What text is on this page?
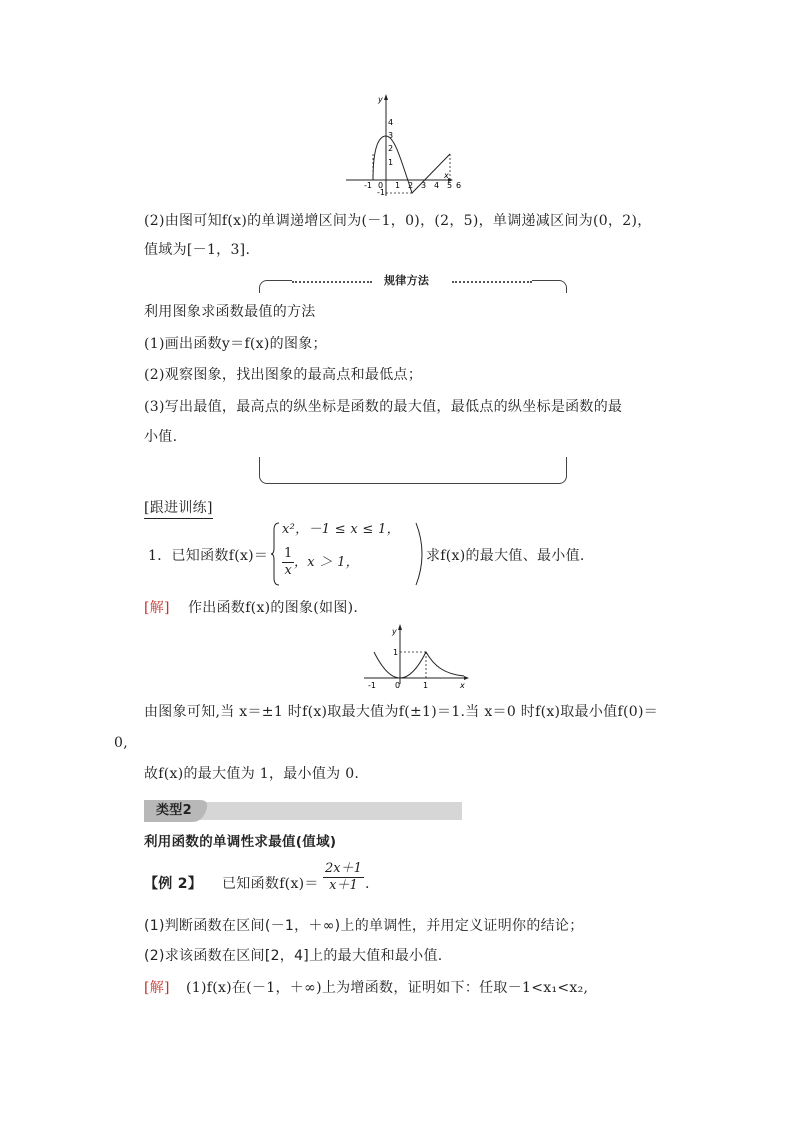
y
x
4
3
2
1
-1
-1 0 1 2 3 4 5 6
(2)由图可知f(x)的单调递增区间为(－1，0)，(2，5)，单调递减区间为(0，2)，
值域为[－1，3].
规律方法
利用图象求函数最值的方法
(1)画出函数y＝f(x)的图象；
(2)观察图象，找出图象的最高点和最低点；
(3)写出最值，最高点的纵坐标是函数的最大值，最低点的纵坐标是函数的最
小值.
[跟进训练]
1．已知函数f(x)＝
x²，－1 ≤ x ≤ 1，
$\frac{1}{x}$ ，x ＞ 1，	求f(x)的最大值、最小值.
[解] 作出函数f(x)的图象(如图).
y
x
1
-1 0	1
由图象可知,当 x＝±1 时f(x)取最大值为f(±1)＝1.当 x＝0 时f(x)取最小值f(0)＝
0,
故f(x)的最大值为 1，最小值为 0.
类型2
利用函数的单调性求最值(值域)
【例 2】 已知函数$f(x)= \frac{2x+1}{x+1}$ .
(1)判断函数在区间(－1，＋∞)上的单调性，并用定义证明你的结论；
(2)求该函数在区间[2，4]上的最大值和最小值.
[解] (1)f(x)在(－1，＋∞)上为增函数，证明如下：任取－1<x₁<x₂,
